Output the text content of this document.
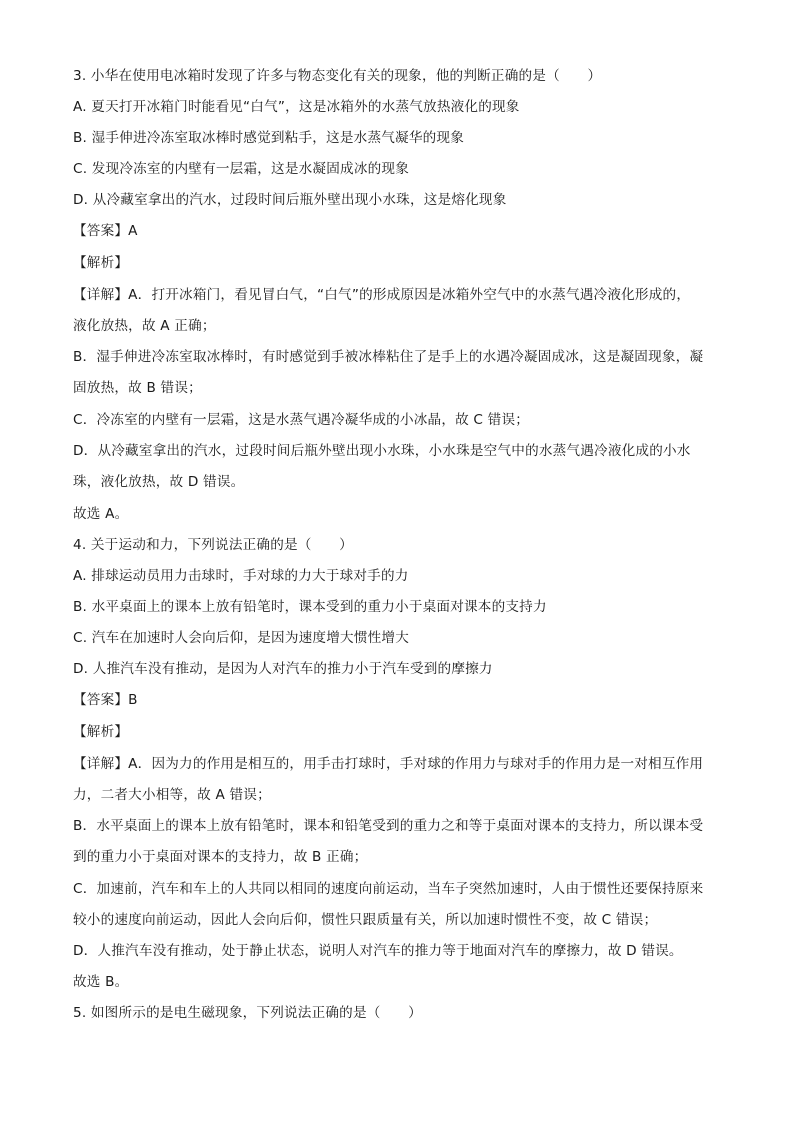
3. 小华在使用电冰箱时发现了许多与物态变化有关的现象，他的判断正确的是（　　）
A. 夏天打开冰箱门时能看见“白气”，这是冰箱外的水蒸气放热液化的现象
B. 湿手伸进冷冻室取冰棒时感觉到粘手，这是水蒸气凝华的现象
C. 发现冷冻室的内壁有一层霜，这是水凝固成冰的现象
D. 从冷藏室拿出的汽水，过段时间后瓶外壁出现小水珠，这是熔化现象
【答案】A
【解析】
【详解】A．打开冰箱门，看见冒白气，“白气”的形成原因是冰箱外空气中的水蒸气遇冷液化形成的，
液化放热，故 A 正确；
B．湿手伸进冷冻室取冰棒时，有时感觉到手被冰棒粘住了是手上的水遇冷凝固成冰，这是凝固现象，凝
固放热，故 B 错误；
C．冷冻室的内壁有一层霜，这是水蒸气遇冷凝华成的小冰晶，故 C 错误；
D．从冷藏室拿出的汽水，过段时间后瓶外壁出现小水珠，小水珠是空气中的水蒸气遇冷液化成的小水
珠，液化放热，故 D 错误。
故选 A。
4. 关于运动和力，下列说法正确的是（　　）
A. 排球运动员用力击球时，手对球的力大于球对手的力
B. 水平桌面上的课本上放有铅笔时，课本受到的重力小于桌面对课本的支持力
C. 汽车在加速时人会向后仰，是因为速度增大惯性增大
D. 人推汽车没有推动，是因为人对汽车的推力小于汽车受到的摩擦力
【答案】B
【解析】
【详解】A．因为力的作用是相互的，用手击打球时，手对球的作用力与球对手的作用力是一对相互作用
力，二者大小相等，故 A 错误；
B．水平桌面上的课本上放有铅笔时，课本和铅笔受到的重力之和等于桌面对课本的支持力，所以课本受
到的重力小于桌面对课本的支持力，故 B 正确；
C．加速前，汽车和车上的人共同以相同的速度向前运动，当车子突然加速时，人由于惯性还要保持原来
较小的速度向前运动，因此人会向后仰，惯性只跟质量有关，所以加速时惯性不变，故 C 错误；
D．人推汽车没有推动，处于静止状态，说明人对汽车的推力等于地面对汽车的摩擦力，故 D 错误。
故选 B。
5. 如图所示的是电生磁现象，下列说法正确的是（　　）
